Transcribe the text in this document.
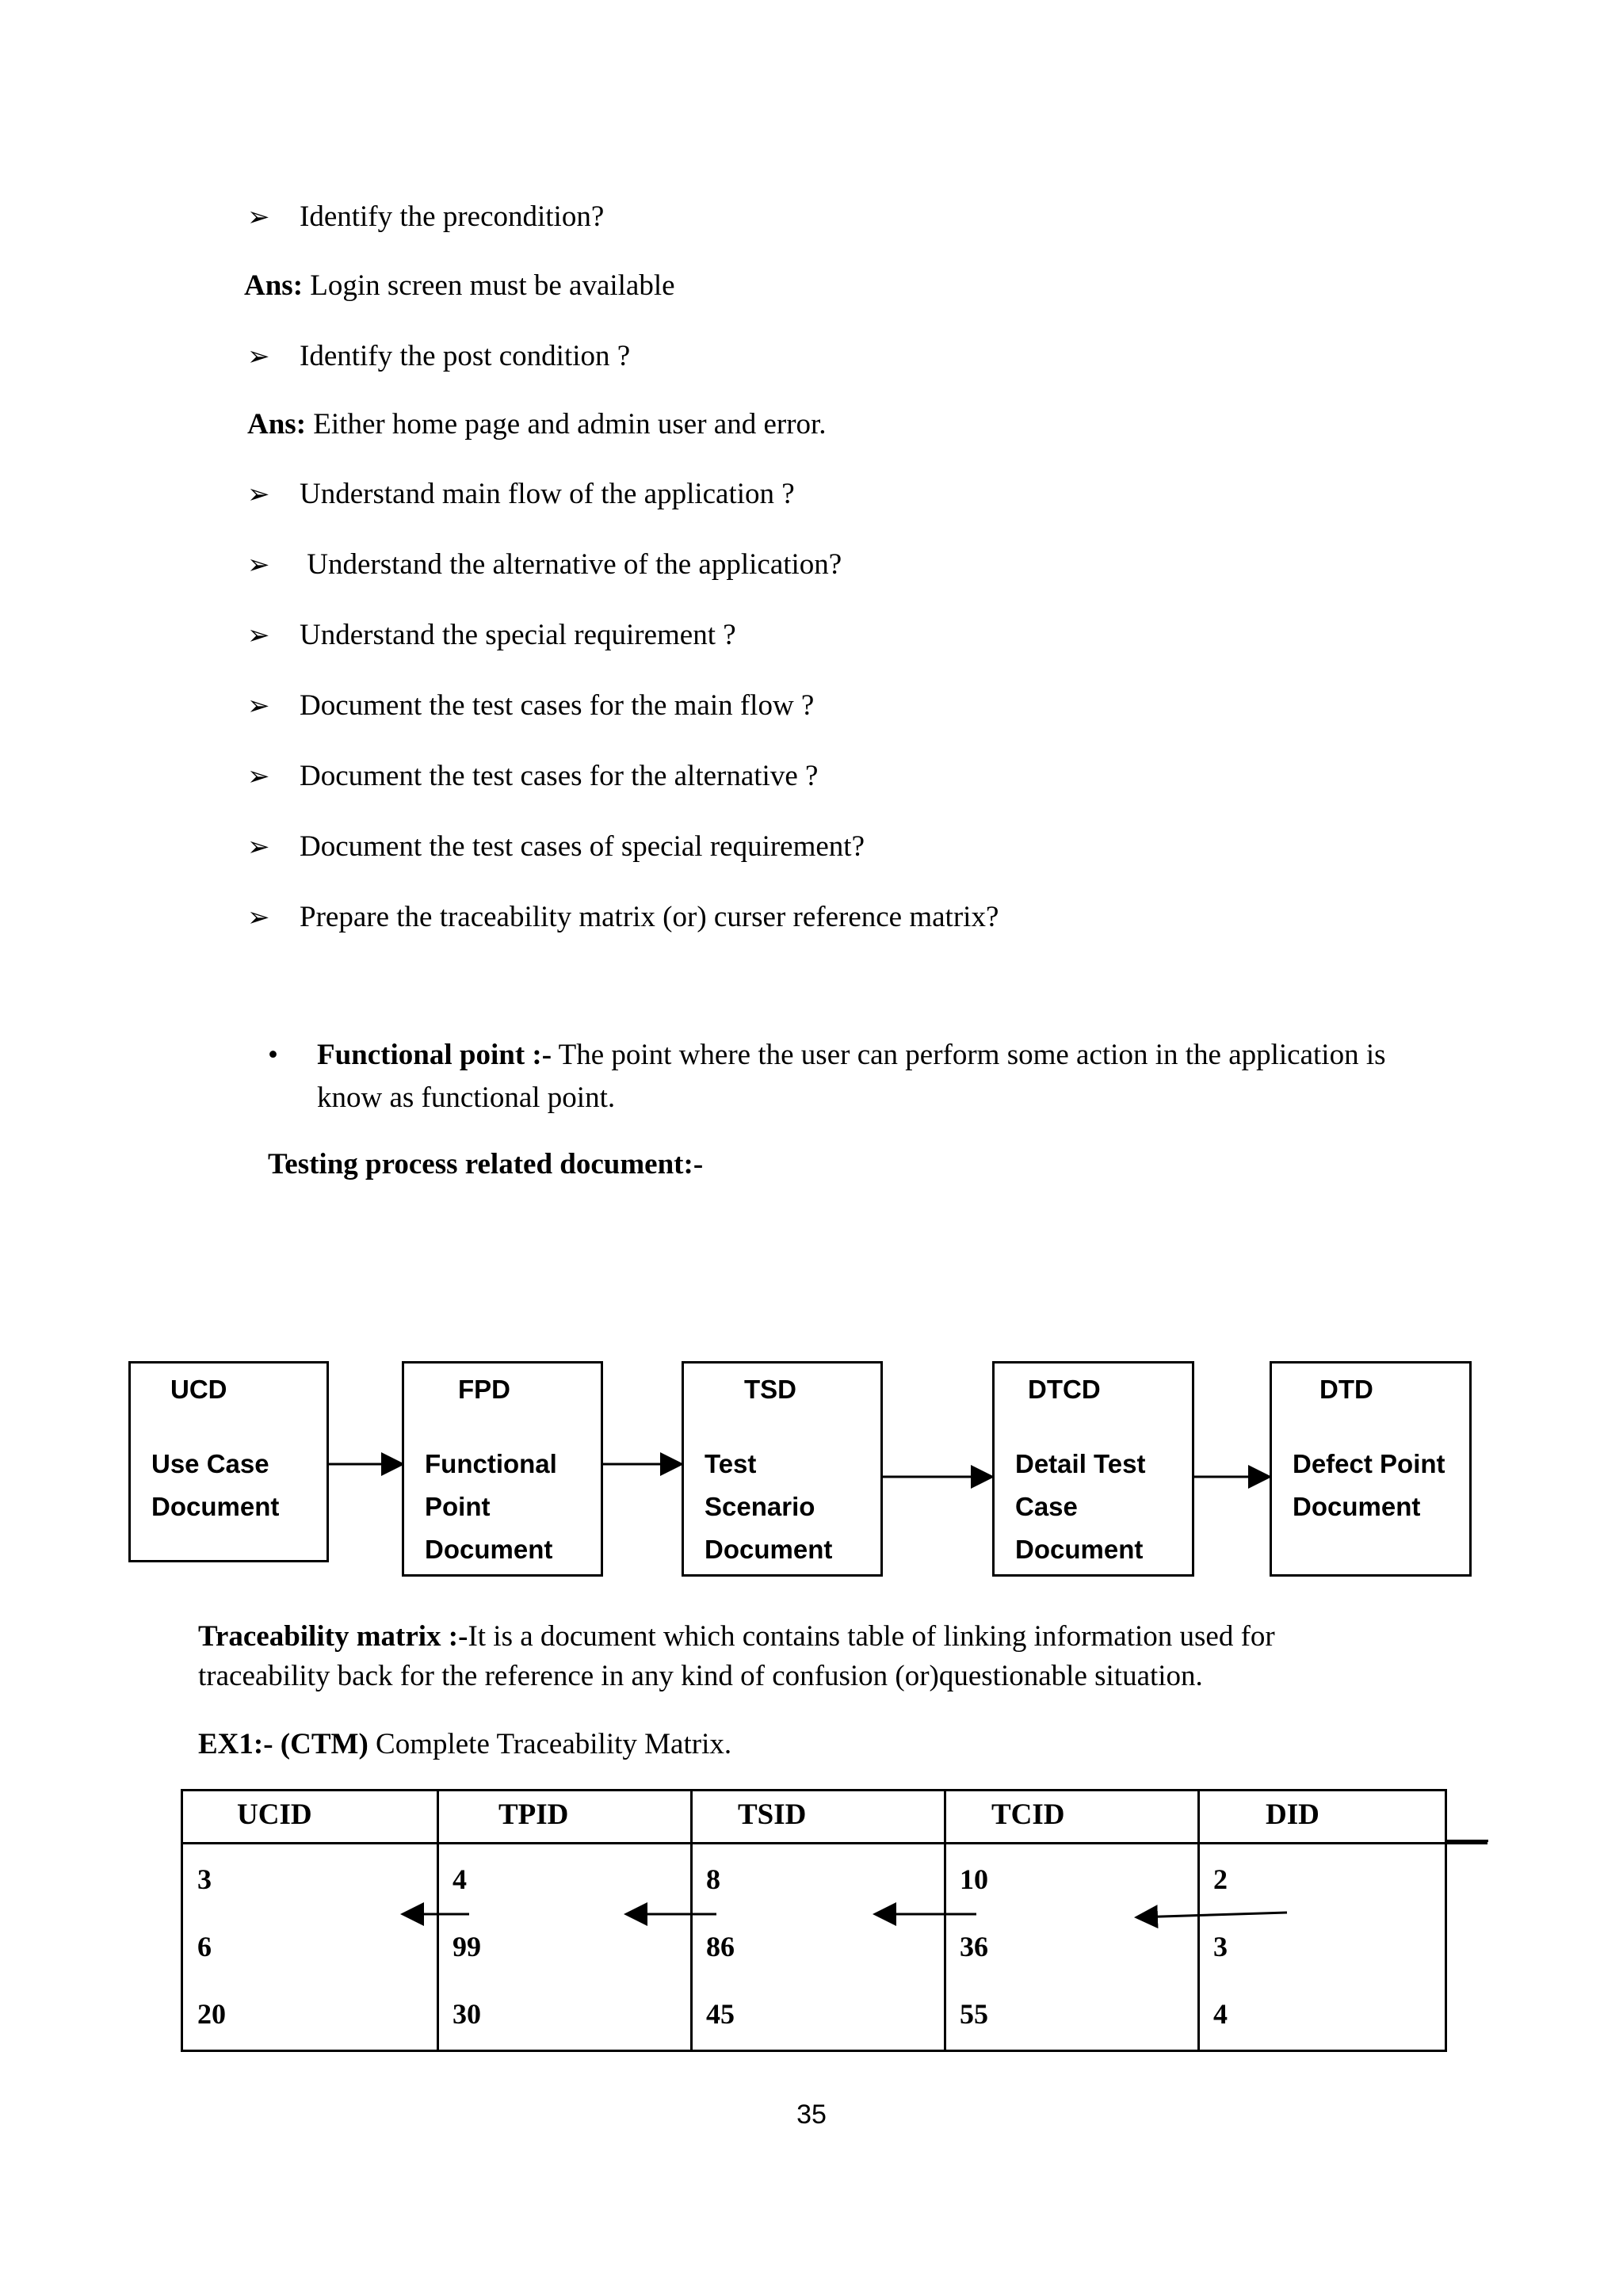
➢ Identify the precondition?
Ans: Login screen must be available
➢ Identify the post condition ?
Ans: Either home page and admin user and error.
➢ Understand main flow of the application ?
➢ Understand the alternative of the application?
➢ Understand the special requirement ?
➢ Document the test cases for the main flow ?
➢ Document the test cases for the alternative ?
➢ Document the test cases of special requirement?
➢ Prepare the traceability matrix (or) curser reference matrix?
• Functional point :- The point where the user can perform some action in the application is
know as functional point.
Testing process related document:-
UCD
Use Case
Document
FPD
Functional
Point
Document
TSD
Test
Scenario
Document
DTCD
Detail Test
Case
Document
DTD
Defect Point
Document
Traceability matrix :-It is a document which contains table of linking information used for
traceability back for the reference in any kind of confusion (or)questionable situation.
EX1:- (CTM) Complete Traceability Matrix.
UCID	TPID	TSID	TCID	DID
3	4	8	10	2
6	99	86	36	3
20	30	45	55	4
35
